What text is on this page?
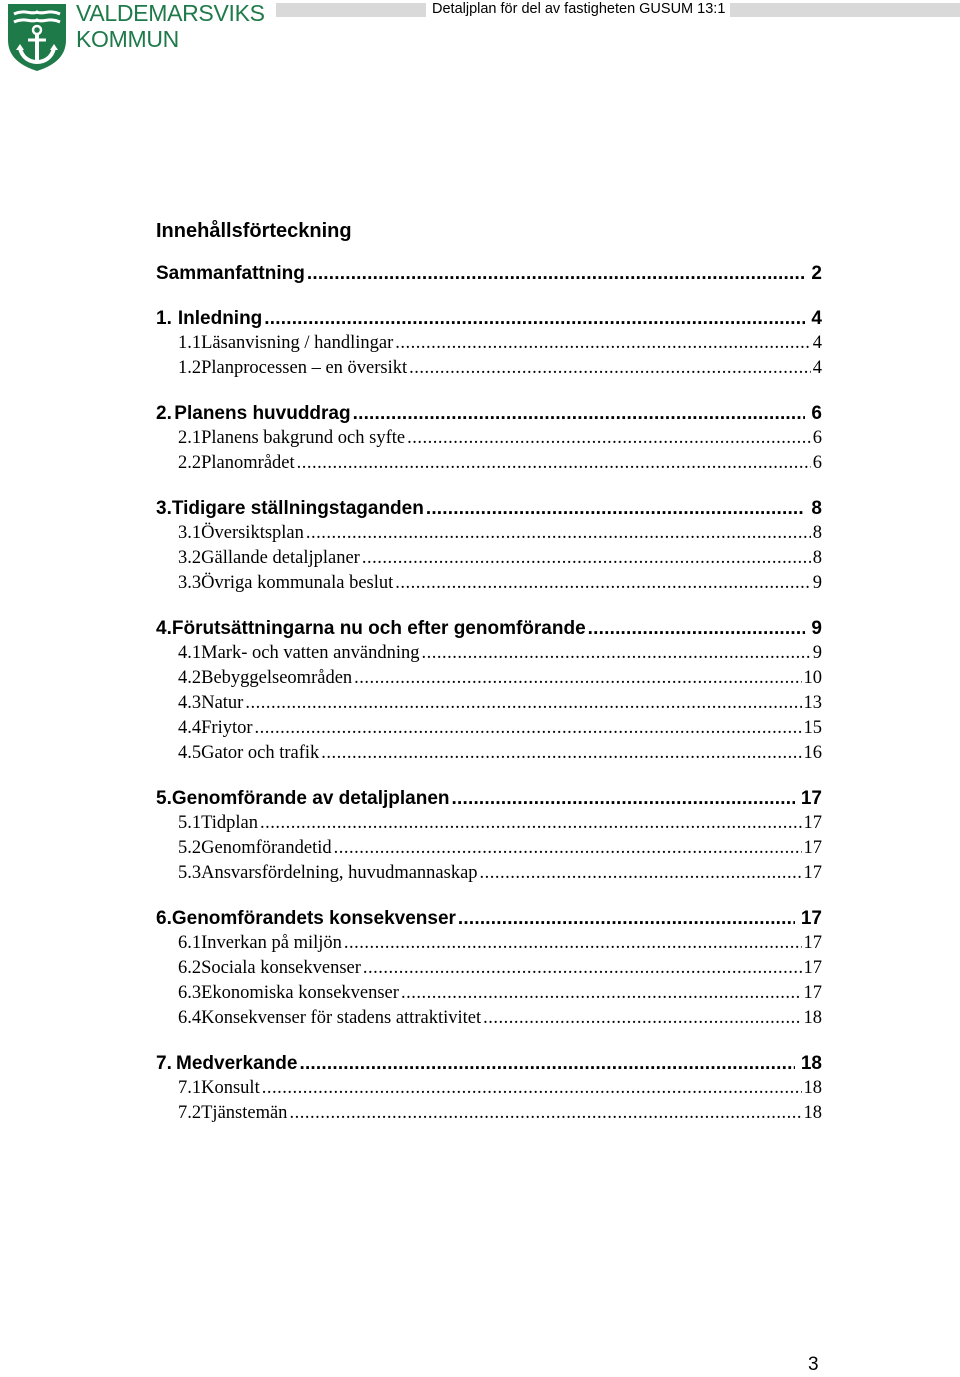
VALDEMARSVIKS
KOMMUN
Detaljplan för del av fastigheten GUSUM 13:1
Innehållsförteckning
Sammanfattning .....	2
1. Inledning .....	4
1.1 Läsanvisning / handlingar .....	4
1.2 Planprocessen – en översikt .....	4
2. Planens huvuddrag .....	6
2.1 Planens bakgrund och syfte .....	6
2.2 Planområdet .....	6
3. Tidigare ställningstaganden .....	8
3.1 Översiktsplan .....	8
3.2 Gällande detaljplaner .....	8
3.3 Övriga kommunala beslut .....	9
4. Förutsättningarna nu och efter genomförande .....	9
4.1 Mark- och vatten användning .....	9
4.2 Bebyggelseområden .....	10
4.3 Natur .....	13
4.4 Friytor .....	15
4.5 Gator och trafik .....	16
5. Genomförande av detaljplanen .....	17
5.1 Tidplan .....	17
5.2 Genomförandetid .....	17
5.3 Ansvarsfördelning, huvudmannaskap .....	17
6. Genomförandets konsekvenser .....	17
6.1 Inverkan på miljön .....	17
6.2 Sociala konsekvenser .....	17
6.3 Ekonomiska konsekvenser .....	17
6.4 Konsekvenser för stadens attraktivitet .....	18
7. Medverkande .....	18
7.1 Konsult .....	18
7.2 Tjänstemän .....	18
3
